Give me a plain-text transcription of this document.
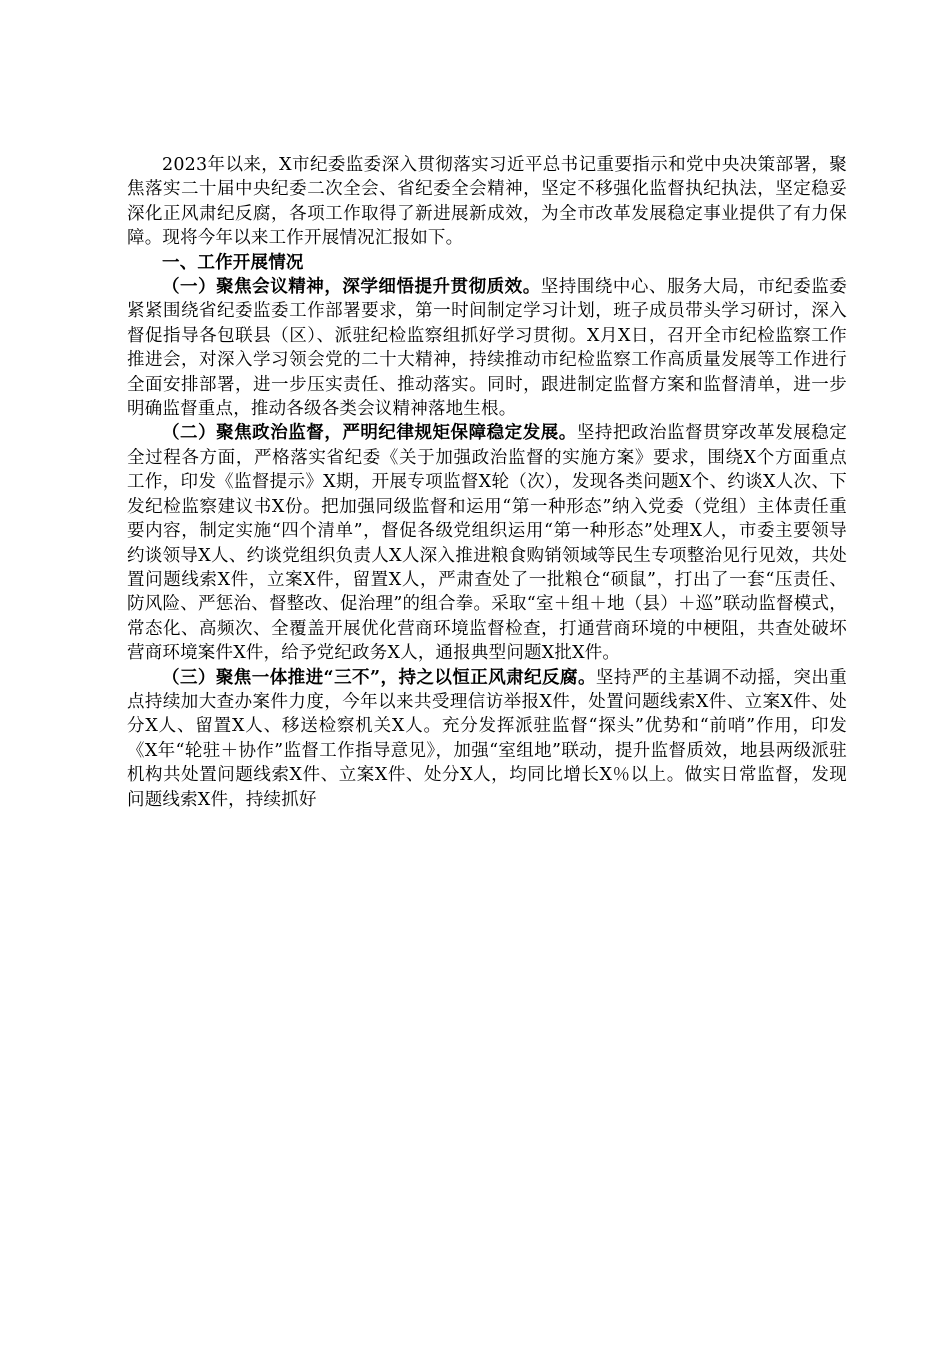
2023年以来，X市纪委监委深入贯彻落实习近平总书记重要指示和党中央决策部署，聚焦落实二十届中央纪委二次全会、省纪委全会精神，坚定不移强化监督执纪执法，坚定稳妥深化正风肃纪反腐，各项工作取得了新进展新成效，为全市改革发展稳定事业提供了有力保障。现将今年以来工作开展情况汇报如下。

一、工作开展情况

（一）聚焦会议精神，深学细悟提升贯彻质效。坚持围绕中心、服务大局，市纪委监委紧紧围绕省纪委监委工作部署要求，第一时间制定学习计划，班子成员带头学习研讨，深入督促指导各包联县（区）、派驻纪检监察组抓好学习贯彻。X月X日，召开全市纪检监察工作推进会，对深入学习领会党的二十大精神，持续推动市纪检监察工作高质量发展等工作进行全面安排部署，进一步压实责任、推动落实。同时，跟进制定监督方案和监督清单，进一步明确监督重点，推动各级各类会议精神落地生根。

（二）聚焦政治监督，严明纪律规矩保障稳定发展。坚持把政治监督贯穿改革发展稳定全过程各方面，严格落实省纪委《关于加强政治监督的实施方案》要求，围绕X个方面重点工作，印发《监督提示》X期，开展专项监督X轮（次），发现各类问题X个、约谈X人次、下发纪检监察建议书X份。把加强同级监督和运用“第一种形态”纳入党委（党组）主体责任重要内容，制定实施“四个清单”，督促各级党组织运用“第一种形态”处理X人，市委主要领导约谈领导X人、约谈党组织负责人X人深入推进粮食购销领域等民生专项整治见行见效，共处置问题线索X件，立案X件，留置X人，严肃查处了一批粮仓“硕鼠”，打出了一套“压责任、防风险、严惩治、督整改、促治理”的组合拳。采取“室＋组＋地（县）＋巡”联动监督模式，常态化、高频次、全覆盖开展优化营商环境监督检查，打通营商环境的中梗阻，共查处破坏营商环境案件X件，给予党纪政务X人，通报典型问题X批X件。

（三）聚焦一体推进“三不”，持之以恒正风肃纪反腐。坚持严的主基调不动摇，突出重点持续加大查办案件力度，今年以来共受理信访举报X件，处置问题线索X件、立案X件、处分X人、留置X人、移送检察机关X人。充分发挥派驻监督“探头”优势和“前哨”作用，印发《X年“轮驻＋协作”监督工作指导意见》，加强“室组地”联动，提升监督质效，地县两级派驻机构共处置问题线索X件、立案X件、处分X人，均同比增长X％以上。做实日常监督，发现问题线索X件，持续抓好
